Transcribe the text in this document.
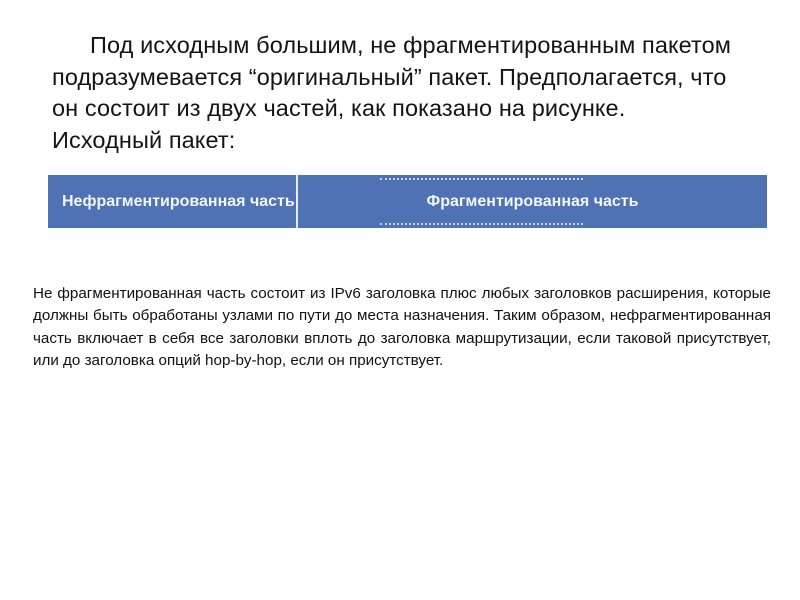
Под исходным большим, не фрагментированным пакетом подразумевается “оригинальный” пакет. Предполагается, что он состоит из двух частей, как показано на рисунке. Исходный пакет:

Нефрагментированная часть	Фрагментированная часть

Не фрагментированная часть состоит из IPv6 заголовка плюс любых заголовков расширения, которые должны быть обработаны узлами по пути до места назначения. Таким образом, нефрагментированная часть включает в себя все заголовки вплоть до заголовка маршрутизации, если таковой присутствует, или до заголовка опций hop-by-hop, если он присутствует.
